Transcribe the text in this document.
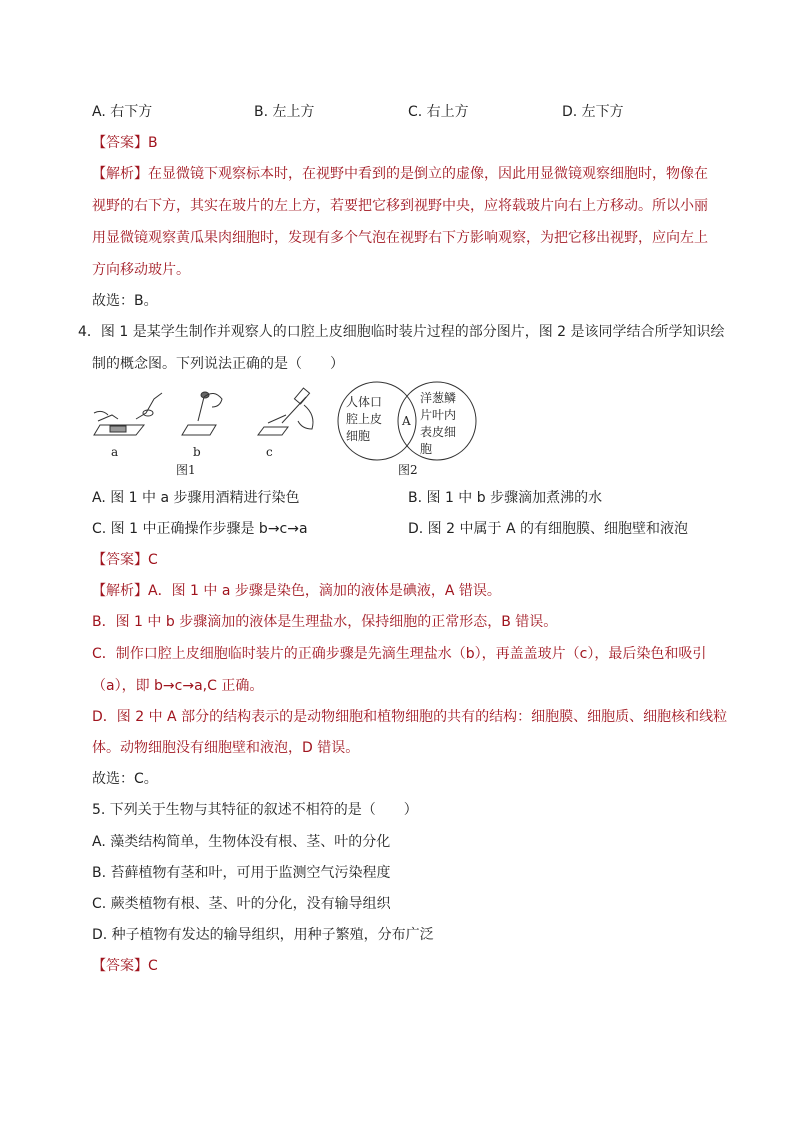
A. 右下方	B. 左上方	C. 右上方	D. 左下方
【答案】B
【解析】在显微镜下观察标本时，在视野中看到的是倒立的虚像，因此用显微镜观察细胞时，物像在
视野的右下方，其实在玻片的左上方，若要把它移到视野中央，应将载玻片向右上方移动。所以小丽
用显微镜观察黄瓜果肉细胞时，发现有多个气泡在视野右下方影响观察，为把它移出视野，应向左上
方向移动玻片。
故选：B。
4．图 1 是某学生制作并观察人的口腔上皮细胞临时装片过程的部分图片，图 2 是该同学结合所学知识绘
制的概念图。下列说法正确的是（　　）
a	b	c
图1
人体口
腔上皮
细胞
A
洋葱鳞
片叶内
表皮细
胞
图2
A. 图 1 中 a 步骤用酒精进行染色	B. 图 1 中 b 步骤滴加煮沸的水
C. 图 1 中正确操作步骤是 b→c→a	D. 图 2 中属于 A 的有细胞膜、细胞壁和液泡
【答案】C
【解析】A．图 1 中 a 步骤是染色，滴加的液体是碘液，A 错误。
B．图 1 中 b 步骤滴加的液体是生理盐水，保持细胞的正常形态，B 错误。
C．制作口腔上皮细胞临时装片的正确步骤是先滴生理盐水（b），再盖盖玻片（c），最后染色和吸引
（a），即 b→c→a,C 正确。
D．图 2 中 A 部分的结构表示的是动物细胞和植物细胞的共有的结构：细胞膜、细胞质、细胞核和线粒
体。动物细胞没有细胞壁和液泡，D 错误。
故选：C。
5. 下列关于生物与其特征的叙述不相符的是（　　）
A. 藻类结构简单，生物体没有根、茎、叶的分化
B. 苔藓植物有茎和叶，可用于监测空气污染程度
C. 蕨类植物有根、茎、叶的分化，没有输导组织
D. 种子植物有发达的输导组织，用种子繁殖，分布广泛
【答案】C
